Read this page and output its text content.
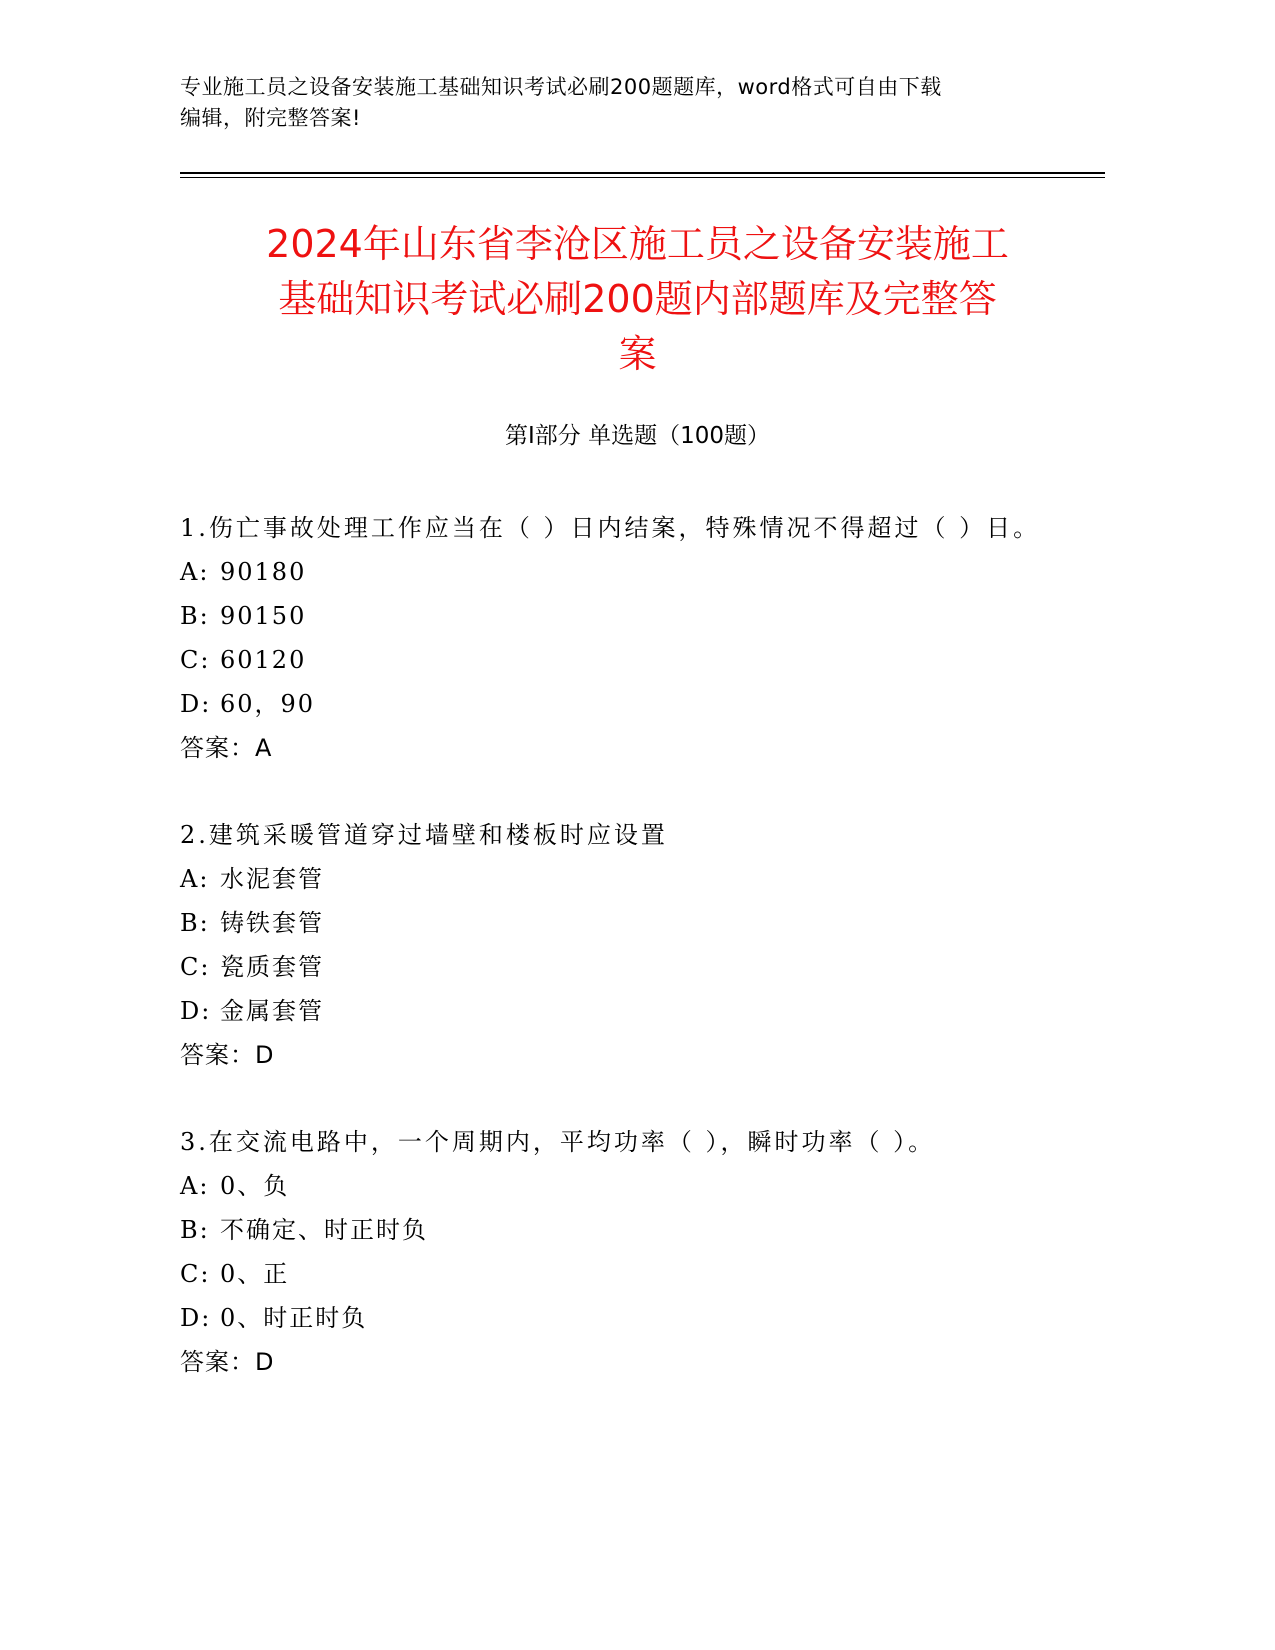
专业施工员之设备安装施工基础知识考试必刷200题题库，word格式可自由下载
编辑，附完整答案!
2024年山东省李沧区施工员之设备安装施工
基础知识考试必刷200题内部题库及完整答
案
第I部分 单选题（100题）
1.伤亡事故处理工作应当在（ ）日内结案，特殊情况不得超过（ ）日。
A: 90180
B: 90150
C: 60120
D: 60，90
答案：A
2.建筑采暖管道穿过墙壁和楼板时应设置
A: 水泥套管
B: 铸铁套管
C: 瓷质套管
D: 金属套管
答案：D
3.在交流电路中，一个周期内，平均功率（ ），瞬时功率（ ）。
A: 0、负
B: 不确定、时正时负
C: 0、正
D: 0、时正时负
答案：D
